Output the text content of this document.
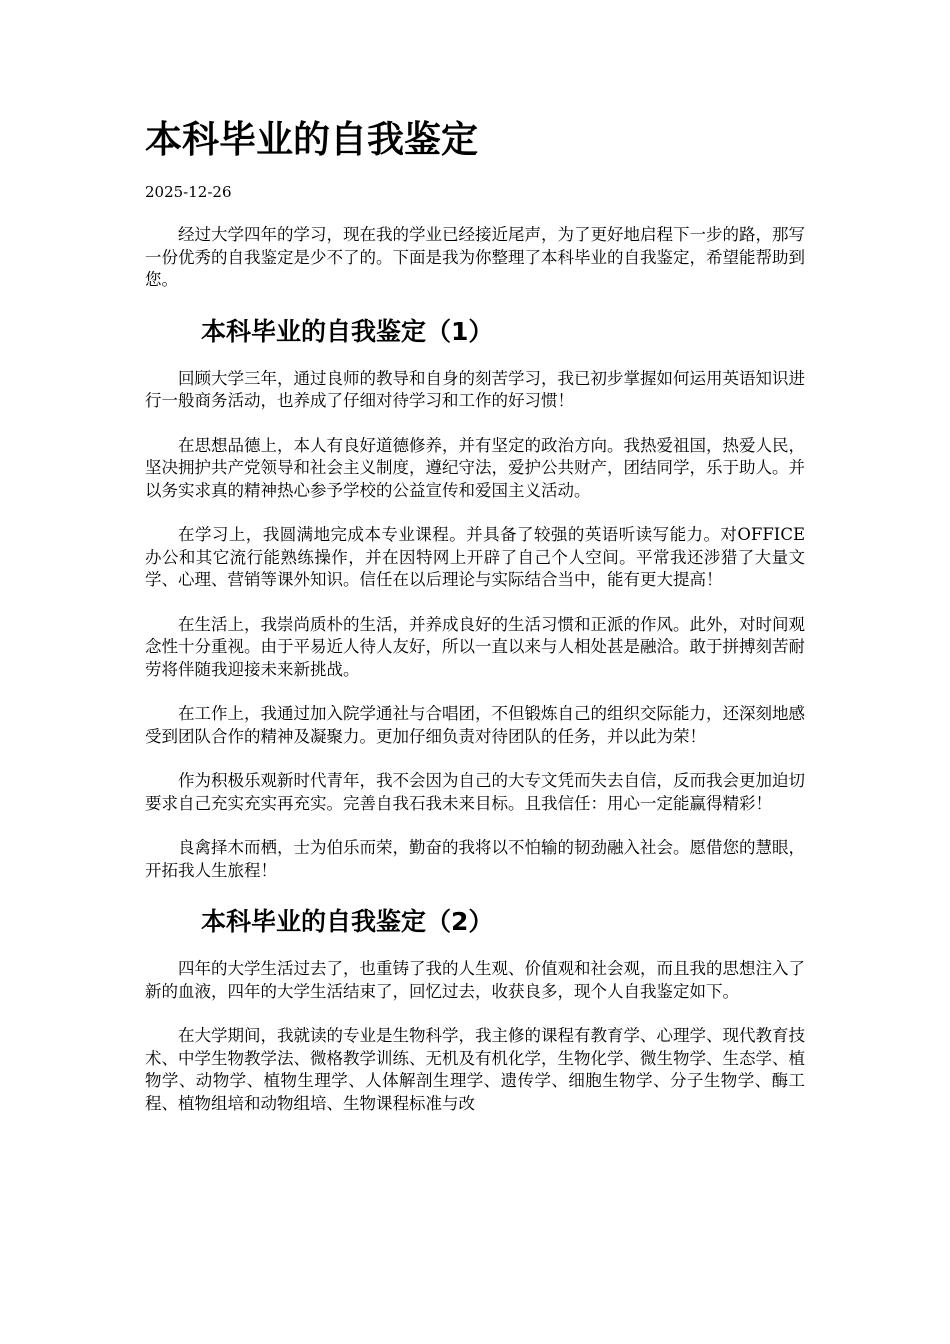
本科毕业的自我鉴定
2025-12-26

经过大学四年的学习，现在我的学业已经接近尾声，为了更好地启程下一步的路，那写一份优秀的自我鉴定是少不了的。下面是我为你整理了本科毕业的自我鉴定，希望能帮助到您。

本科毕业的自我鉴定（1）

回顾大学三年，通过良师的教导和自身的刻苦学习，我已初步掌握如何运用英语知识进行一般商务活动，也养成了仔细对待学习和工作的好习惯！

在思想品德上，本人有良好道德修养，并有坚定的政治方向。我热爱祖国，热爱人民，坚决拥护共产党领导和社会主义制度，遵纪守法，爱护公共财产，团结同学，乐于助人。并以务实求真的精神热心参予学校的公益宣传和爱国主义活动。

在学习上，我圆满地完成本专业课程。并具备了较强的英语听读写能力。对OFFICE办公和其它流行能熟练操作，并在因特网上开辟了自己个人空间。平常我还涉猎了大量文学、心理、营销等课外知识。信任在以后理论与实际结合当中，能有更大提高！

在生活上，我崇尚质朴的生活，并养成良好的生活习惯和正派的作风。此外，对时间观念性十分重视。由于平易近人待人友好，所以一直以来与人相处甚是融洽。敢于拼搏刻苦耐劳将伴随我迎接未来新挑战。

在工作上，我通过加入院学通社与合唱团，不但锻炼自己的组织交际能力，还深刻地感受到团队合作的精神及凝聚力。更加仔细负责对待团队的任务，并以此为荣！

作为积极乐观新时代青年，我不会因为自己的大专文凭而失去自信，反而我会更加迫切要求自己充实充实再充实。完善自我石我未来目标。且我信任：用心一定能赢得精彩！

良禽择木而栖，士为伯乐而荣，勤奋的我将以不怕输的韧劲融入社会。愿借您的慧眼，开拓我人生旅程！

本科毕业的自我鉴定（2）

四年的大学生活过去了，也重铸了我的人生观、价值观和社会观，而且我的思想注入了新的血液，四年的大学生活结束了，回忆过去，收获良多，现个人自我鉴定如下。

在大学期间，我就读的专业是生物科学，我主修的课程有教育学、心理学、现代教育技术、中学生物教学法、微格教学训练、无机及有机化学，生物化学、微生物学、生态学、植物学、动物学、植物生理学、人体解剖生理学、遗传学、细胞生物学、分子生物学、酶工程、植物组培和动物组培、生物课程标准与改
